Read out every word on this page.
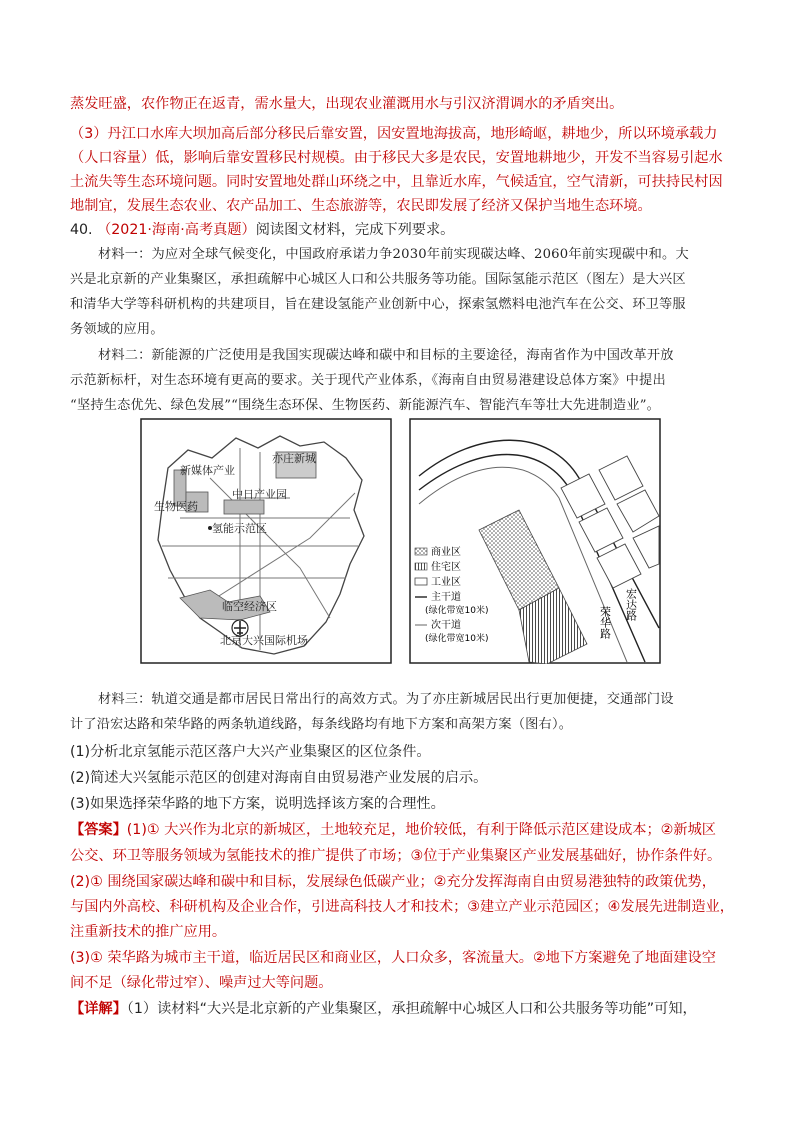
蒸发旺盛，农作物正在返青，需水量大，出现农业灌溉用水与引汉济渭调水的矛盾突出。
（3）丹江口水库大坝加高后部分移民后靠安置，因安置地海拔高，地形崎岖，耕地少，所以环境承载力
（人口容量）低，影响后靠安置移民村规模。由于移民大多是农民，安置地耕地少，开发不当容易引起水
土流失等生态环境问题。同时安置地处群山环绕之中，且靠近水库，气候适宜，空气清新，可扶持民村因
地制宜，发展生态农业、农产品加工、生态旅游等，农民即发展了经济又保护当地生态环境。
40. （2021·海南·高考真题）阅读图文材料，完成下列要求。
材料一：为应对全球气候变化，中国政府承诺力争2030年前实现碳达峰、2060年前实现碳中和。大
兴是北京新的产业集聚区，承担疏解中心城区人口和公共服务等功能。国际氢能示范区（图左）是大兴区
和清华大学等科研机构的共建项目，旨在建设氢能产业创新中心，探索氢燃料电池汽车在公交、环卫等服
务领域的应用。
材料二：新能源的广泛使用是我国实现碳达峰和碳中和目标的主要途径，海南省作为中国改革开放
示范新标杆，对生态环境有更高的要求。关于现代产业体系，《海南自由贸易港建设总体方案》中提出
“坚持生态优先、绿色发展”“围绕生态环保、生物医药、新能源汽车、智能汽车等壮大先进制造业”。
新媒体产业
亦庄新城
生物医药
中日产业园
氢能示范区
临空经济区
北京大兴国际机场
商业区
住宅区
工业区
主干道
(绿化带宽10米)
次干道
(绿化带宽10米)	荣华路
宏达路
材料三：轨道交通是都市居民日常出行的高效方式。为了亦庄新城居民出行更加便捷，交通部门设
计了沿宏达路和荣华路的两条轨道线路，每条线路均有地下方案和高架方案（图右）。
(1)分析北京氢能示范区落户大兴产业集聚区的区位条件。
(2)简述大兴氢能示范区的创建对海南自由贸易港产业发展的启示。
(3)如果选择荣华路的地下方案，说明选择该方案的合理性。
【答案】(1)① 大兴作为北京的新城区，土地较充足，地价较低，有利于降低示范区建设成本；②新城区
公交、环卫等服务领域为氢能技术的推广提供了市场；③位于产业集聚区产业发展基础好，协作条件好。
(2)① 围绕国家碳达峰和碳中和目标，发展绿色低碳产业；②充分发挥海南自由贸易港独特的政策优势，
与国内外高校、科研机构及企业合作，引进高科技人才和技术；③建立产业示范园区；④发展先进制造业，
注重新技术的推广应用。
(3)① 荣华路为城市主干道，临近居民区和商业区，人口众多，客流量大。②地下方案避免了地面建设空
间不足（绿化带过窄）、噪声过大等问题。
【详解】（1）读材料“大兴是北京新的产业集聚区，承担疏解中心城区人口和公共服务等功能”可知，
